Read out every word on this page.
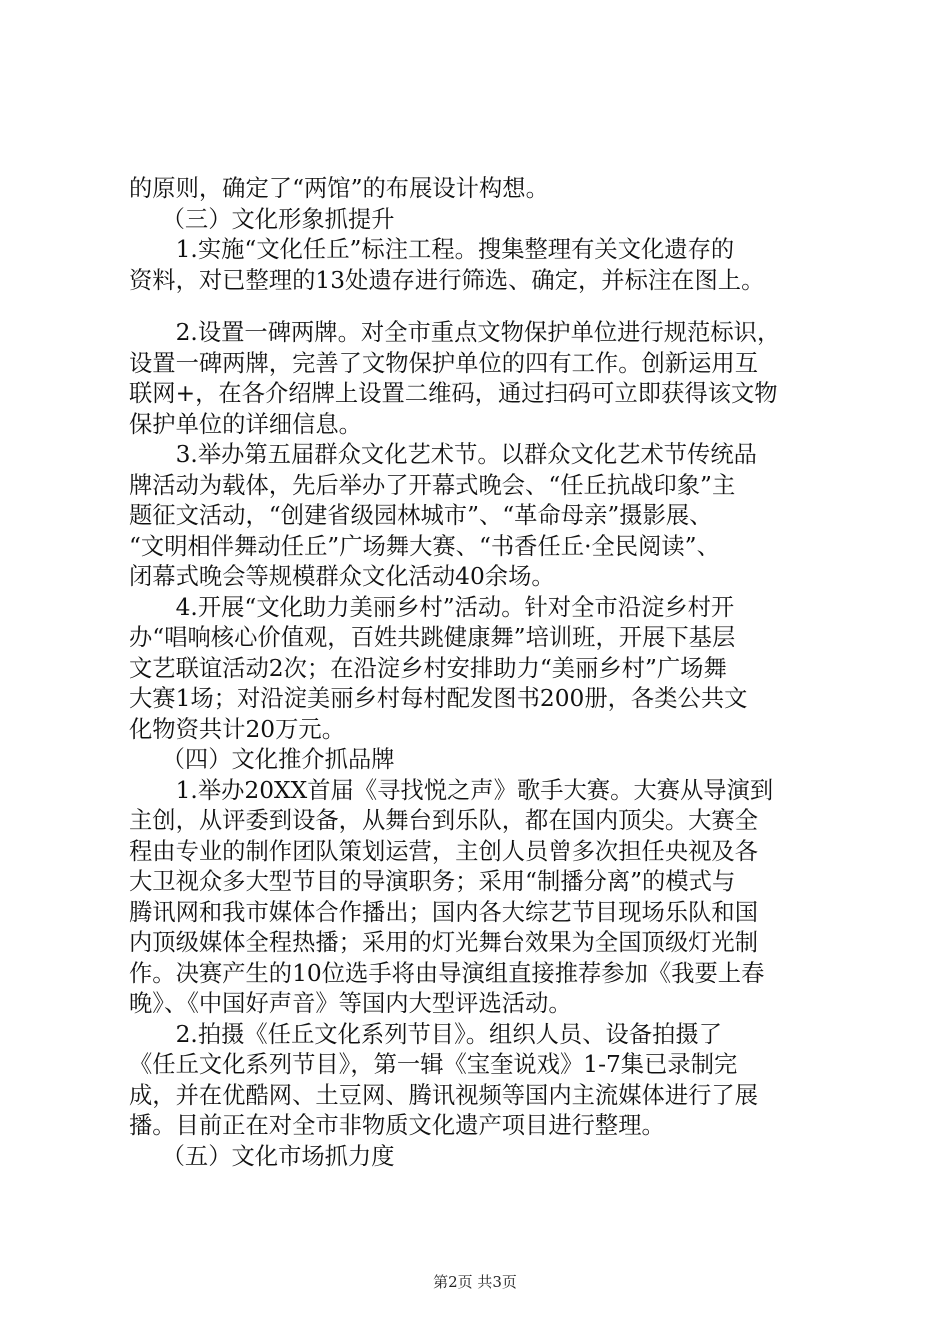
的原则，确定了“两馆”的布展设计构想。
（三）文化形象抓提升
1.实施“文化任丘”标注工程。搜集整理有关文化遗存的
资料，对已整理的13处遗存进行筛选、确定，并标注在图上。
2.设置一碑两牌。对全市重点文物保护单位进行规范标识，
设置一碑两牌，完善了文物保护单位的四有工作。创新运用互
联网+，在各介绍牌上设置二维码，通过扫码可立即获得该文物
保护单位的详细信息。
3.举办第五届群众文化艺术节。以群众文化艺术节传统品
牌活动为载体，先后举办了开幕式晚会、“任丘抗战印象”主
题征文活动，“创建省级园林城市”、“革命母亲”摄影展、
“文明相伴舞动任丘”广场舞大赛、“书香任丘·全民阅读”、
闭幕式晚会等规模群众文化活动40余场。
4.开展“文化助力美丽乡村”活动。针对全市沿淀乡村开
办“唱响核心价值观，百姓共跳健康舞”培训班，开展下基层
文艺联谊活动2次；在沿淀乡村安排助力“美丽乡村”广场舞
大赛1场；对沿淀美丽乡村每村配发图书200册，各类公共文
化物资共计20万元。
（四）文化推介抓品牌
1.举办20XX首届《寻找悦之声》歌手大赛。大赛从导演到
主创，从评委到设备，从舞台到乐队，都在国内顶尖。大赛全
程由专业的制作团队策划运营，主创人员曾多次担任央视及各
大卫视众多大型节目的导演职务；采用“制播分离”的模式与
腾讯网和我市媒体合作播出；国内各大综艺节目现场乐队和国
内顶级媒体全程热播；采用的灯光舞台效果为全国顶级灯光制
作。决赛产生的10位选手将由导演组直接推荐参加《我要上春
晚》、《中国好声音》等国内大型评选活动。
2.拍摄《任丘文化系列节目》。组织人员、设备拍摄了
《任丘文化系列节目》，第一辑《宝奎说戏》1-7集已录制完
成，并在优酷网、土豆网、腾讯视频等国内主流媒体进行了展
播。目前正在对全市非物质文化遗产项目进行整理。
（五）文化市场抓力度
第2页 共3页
